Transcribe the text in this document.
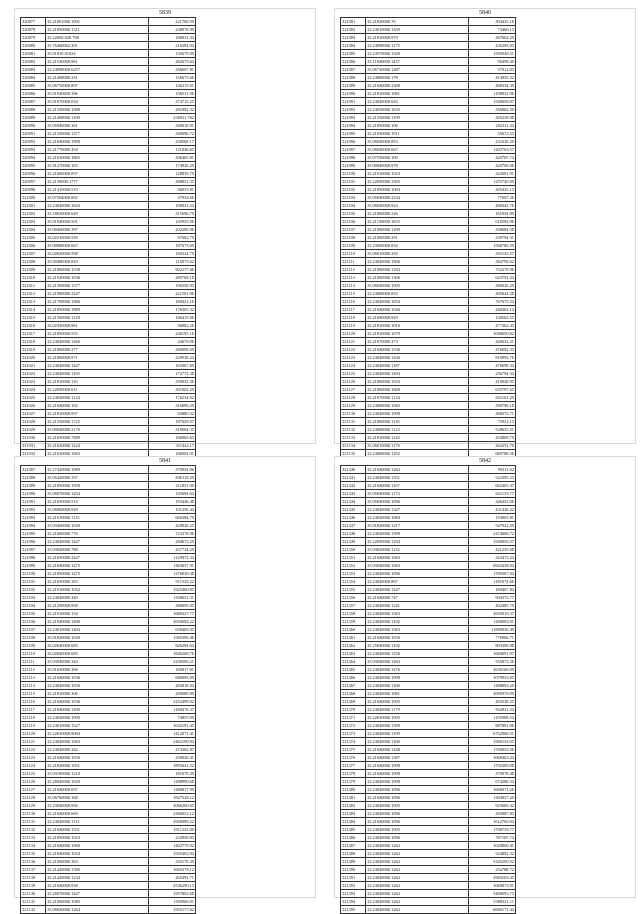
5839
320077	35.21801000.1001	221760.59
320078	35.21850000.1311	238976.99
320079	35.22850.028.798	186831.34
320080	35.76460062.301	216384.94
320081	35.01810.01024	135679.09
320082	35.21540000.961	282675.64
320083	35.24090000.6257	356607.81
320084	35.21400000.231	156675.66
320085	35.06750000.807	146215.01
320086	35.01940600.396	156531.96
320087	35.01870000.034	374715.25
320088	35.21500000.1088	281892.32
320089	35.21400000.1190	236911.762
320090	35.05940000.361	349010.91
320091	35.21500000.1377	349096.72
320092	35.21640000.1990	258568.17
320093	35.21770000.454	121036.65
320094	35.21020000.1865	306465.81
320095	35.91470000.103	174926.29
320096	35.21600000.857	128839.79
320097	35.2139000.1777	308851.35
320098	35.21410000.510	96035.81
321000	35.07504000.002	47934.66
321001	35.24040000.3643	100921.54
321002	35.18630000.629	315696.79
321003	35.01940000.501	145935.96
321004	35.00460000.397	202296.96
321005	35.02210000.539	97682.79
321006	35.00980000.667	187673.09
321007	35.02820000.598	160324.79
321008	35.90480000.843	115875.62
321009	35.21860000.1038	902277.66
321010	35.21920000.1036	289769.18
321011	35.21300000.1577	190250.93
321012	35.21980000.2247	221501.96
321013	35.21700000.1986	168421.16
321014	35.21850000.1889	176305.32
321015	35.21560000.1128	166415.06
321016	35.02330000.961	96882.26
321017	35.21850000.555	240195.16
321018	35.24040000.1466	44676.96
321019	35.21860000.277	369098.69
321020	35.21860000.971	229938.24
321021	35.24040000.1447	165067.69
321022	35.24040000.1165	172772.38
321023	35.21810000.116	359033.36
321024	35.22050000.611	301902.29
321025	35.24020000.1124	176234.62
321026	35.21040000.102	316096.29
321027	35.21810000.957	65880.32
321028	35.21550000.1725	187629.97
321029	35.09040000.2176	318064.35
321030	35.21650000.7889	160063.63
321031	35.21620000.1224	311442.17
321032	35.21020000.1663	186904.01
5840
321081	35.21820000.76	394425.18
321082	35.24010000.1459	73466.13
321083	35.21810000.970	267662.29
321084	35.24090000.1175	435293.03
321085	35.24570000.1349	1595940.51
321086	35.11840000.1437	90498.40
321087	35.06720000.1487	37012.03
321088	35.24800000.178	414935.32
321089	35.21040000.2368	468354.39
321090	35.21810000.1061	1198832.96
321091	35.24040000.644	1540656.07
321092	35.24050000.1635	356862.50
321093	35.21550000.1199	305239.08
321094	35.21850000.106	202311.34
321095	35.21050000.1911	55672.53
321096	35.06040000.853	231630.20
321097	35.06040000.667	1203763.57
321098	35.07550000.109	420705.74
321099	35.00840000.978	420706.06
321100	35.21010000.1023	322681.91
321101	35.22050000.3395	1255740.09
321102	35.21850000.1004	305425.13
321103	35.05040000.2334	77607.26
321104	35.06040000.924	400342.76
321105	35.21860000.226	161954.89
321106	35.21100000.1655	618282.96
321107	35.21880000.1209	358684.38
321108	35.21000000.291	239794.31
321109	35.23000000.832	1568786.59
321110	35.06010000.250	392145.57
321111	35.24040000.1906	384798.62
321112	35.21880000.1184	752270.96
321113	35.21000000.1306	623791.24
321114	35.06040000.1095	386026.29
321115	35.24060000.833	305644.28
321116	35.24040000.1854	767675.54
321117	35.21040000.1046	440302.14
321118	35.21690000.929	130562.55
321119	35.21810000.1016	477362.43
321120	35.21810000.1679	1040650.62
321121	35.21870000.473	440632.21
321122	35.21040000.1536	476092.33
321123	35.24040000.1436	819993.76
321124	35.24040000.1187	476699.34
321125	35.24040000.1494	256794.34
321126	35.21860000.1933	419020.95
321127	35.21860000.1609	635797.65
321128	35.21870000.1134	821101.29
321129	35.24060000.1065	390796.18
321130	35.24040000.1098	306575.71
321131	35.21860000.1118	75921.13
321132	35.24060000.1122	528653.51
321133	35.21810000.1142	433809.79
321134	35.06010000.1176	262251.76
321135	35.24060000.1182	669786.36
5841
321087	35.27420000.1089	370954.86
321088	35.05420000.337	836118.29
321089	35.21850000.1958	211851.00
321090	35.06070000.1454	145694.64
321091	35.21650000.514	193446.48
321092	35.06860000.928	101256.44
321093	35.21610000.1115	666384.79
321094	35.03460000.1049	429826.25
321095	35.21600000.776	722376.96
321096	35.24040000.1447	284673.29
321097	35.03920000.788	437734.29
321098	35.21650000.2447	1120972.34
321099	35.21640000.1475	1363637.91
321100	35.21850000.1475	1276030.38
321101	35.21650000.383	911335.22
321102	35.21010000.1032	1925460.85
321103	35.24040000.440	1358651.31
321104	35.21290000.958	386895.05
321105	35.21010000.154	1680327.77
321106	35.21940000.1498	2650694.22
321107	35.24010000.1404	639403.05
321108	35.01820000.1049	1585396.46
321109	35.02640000.685	826294.64
321110	35.02040000.685	1846268.76
321111	35.03940000.344	2239506.21
321112	35.01630000.366	169817.01
321113	35.21040000.1036	686993.09
321114	35.24040000.1056	284018.04
321115	35.21810000.306	209080.99
321116	35.21040000.1036	2252499.02
321117	35.21840000.1490	1168476.37
321118	35.24020000.1090	74855.99
321119	35.24010000.1527	1042191.45
321120	35.22630000.9094	1412071.41
321121	35.24040000.1063	2462190.94
321122	35.24040000.442	474362.87
321123	35.21040000.1056	258020.41
321124	35.21820000.1051	1895641.52
321125	35.03180000.1210	181079.29
321126	35.28840000.1029	1288990.68
321127	35.21040000.657	1280817.99
321128	35.06760000.168	1847528.12
321129	35.23040000.956	2066260.65
321130	35.21040000.669	2366052.12
321131	35.24040000.1111	2926989.22
321132	35.21040000.1551	1911223.00
321133	35.21850000.1023	233950.83
321134	35.21040000.1068	1402779.92
321135	35.21840000.1034	1935402.94
321136	35.21060000.363	335170.29
321137	35.21420000.1586	1665378.12
321138	35.21420000.1234	265491.71
321139	35.21040000.938	2536290.13
321140	35.26070000.1447	1957802.68
321141	35.21060000.1085	1350966.01
321142	35.06820000.1264	1955177.62
5842
321340	35.21040000.1263	99211.62
321341	35.24040000.1351	522395.23
321342	35.21040000.1167	662465.37
321343	35.05040000.1173	621135.77
321344	35.05040000.1096	346452.06
321345	35.24040000.1347	431436.22
321346	35.24020000.1084	154963.81
321347	35.01820000.1217	547922.59
321348	35.24020000.1599	2474606.72
321349	35.22050000.1294	1940956.37
321350	35.03820000.1132	421235.68
321351	35.21040000.1063	322473.24
321352	35.03040000.1063	6943438.94
321353	35.24040000.1096	1789387.04
321354	35.24040000.867	1181074.66
321355	35.24040000.1247	169407.84
321356	35.21040000.747	904375.77
321357	35.24040000.1241	402485.79
321358	35.24040000.1363	2655010.37
321359	35.24040000.1192	1268083.91
321360	35.24040000.1363	11890936.49
321361	35.21040000.1056	776966.71
321362	35.25040000.1192	803396.88
321363	35.24040000.1256	1684091.97
321364	35.03040000.1463	555873.36
321365	35.24040000.1476	2636166.09
321366	35.24040000.1098	1079933.05
321367	35.24040000.1166	1288894.20
321368	35.24040000.1061	2095976.99
321369	35.21040000.1095	403538.25
321370	35.24040000.1179	562821.24
321371	35.22630000.1095	1105908.54
321372	35.24040000.1399	887891.06
321373	35.24040000.1199	6752966.51
321374	35.24040000.1166	1960134.05
321375	35.21040000.1448	1760052.06
321376	35.21040000.1387	1068463.24
321377	35.21040000.1098	1792389.08
321378	35.21040000.1098	379078.48
321379	35.24040000.1098	674286.34
321380	35.24040000.1096	1666071.26
321381	35.21040000.1096	1304857.20
321382	35.24040000.1095	925669.42
321383	35.24040000.1096	305887.83
321384	35.21040000.1096	1612760.04
321385	35.24040000.1095	1708759.77
321386	35.24040000.1096	787105.74
321387	35.24040000.1263	1020860.41
321388	35.24040000.1263	524892.32
321389	35.24040000.1263	5345290.52
321390	35.24040000.1263	252788.72
321391	35.24040000.1263	2983103.45
321392	35.24040000.1263	1060873.91
321393	35.24040000.1263	5400093.73
321394	35.24040000.1263	5388321.11
321395	35.24040000.1263	6846171.44
